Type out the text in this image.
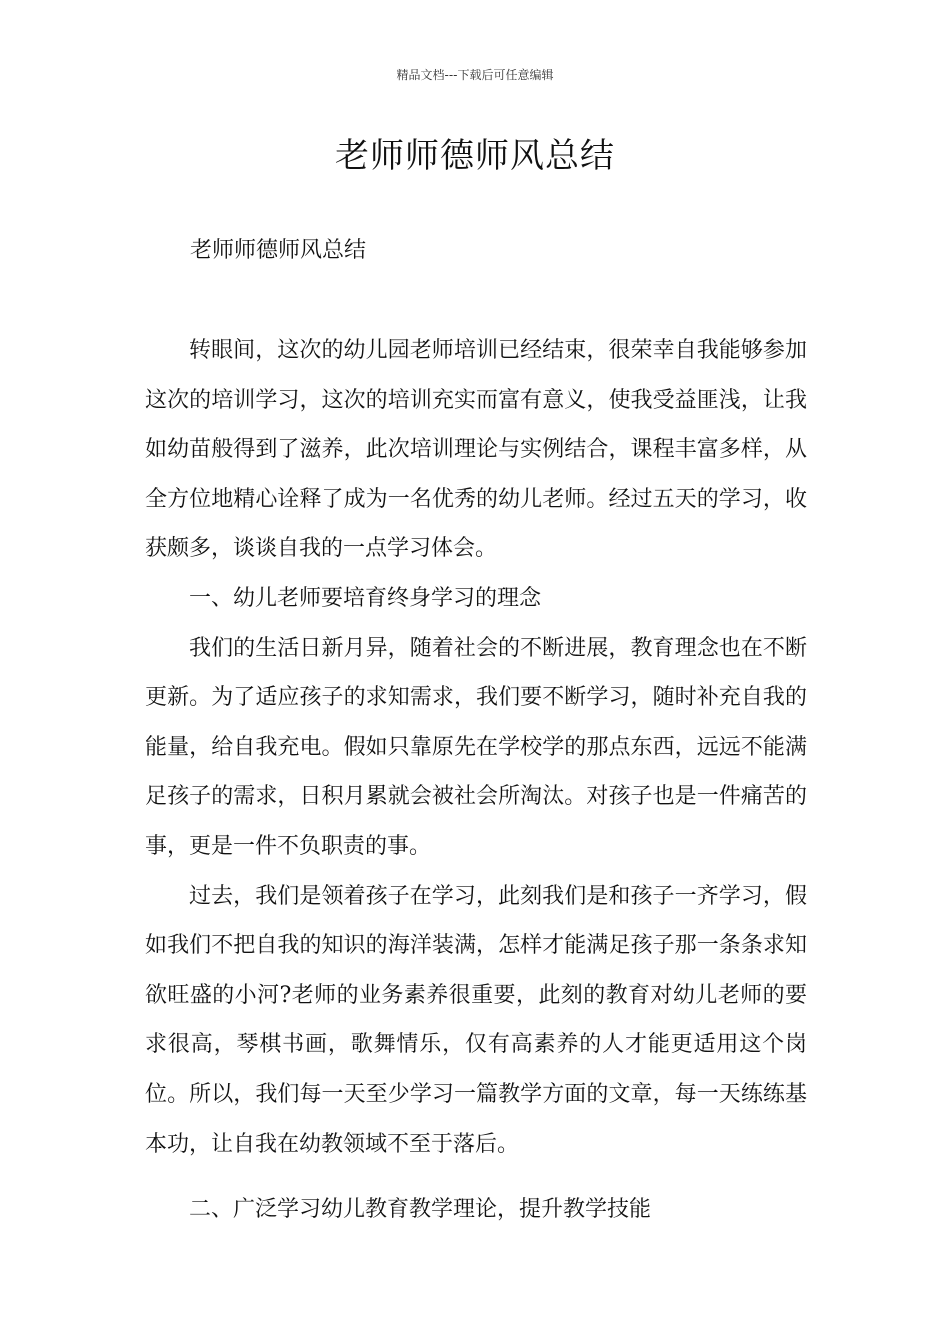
精品文档---下载后可任意编辑
老师师德师风总结

老师师德师风总结

转眼间，这次的幼儿园老师培训已经结束，很荣幸自我能够参加这次的培训学习，这次的培训充实而富有意义，使我受益匪浅，让我如幼苗般得到了滋养，此次培训理论与实例结合，课程丰富多样，从全方位地精心诠释了成为一名优秀的幼儿老师。经过五天的学习，收获颇多，谈谈自我的一点学习体会。

一、幼儿老师要培育终身学习的理念

我们的生活日新月异，随着社会的不断进展，教育理念也在不断更新。为了适应孩子的求知需求，我们要不断学习，随时补充自我的能量，给自我充电。假如只靠原先在学校学的那点东西，远远不能满足孩子的需求，日积月累就会被社会所淘汰。对孩子也是一件痛苦的事，更是一件不负职责的事。

过去，我们是领着孩子在学习，此刻我们是和孩子一齐学习，假如我们不把自我的知识的海洋装满，怎样才能满足孩子那一条条求知欲旺盛的小河?老师的业务素养很重要，此刻的教育对幼儿老师的要求很高，琴棋书画，歌舞情乐，仅有高素养的人才能更适用这个岗位。所以，我们每一天至少学习一篇教学方面的文章，每一天练练基本功，让自我在幼教领域不至于落后。

二、广泛学习幼儿教育教学理论，提升教学技能
